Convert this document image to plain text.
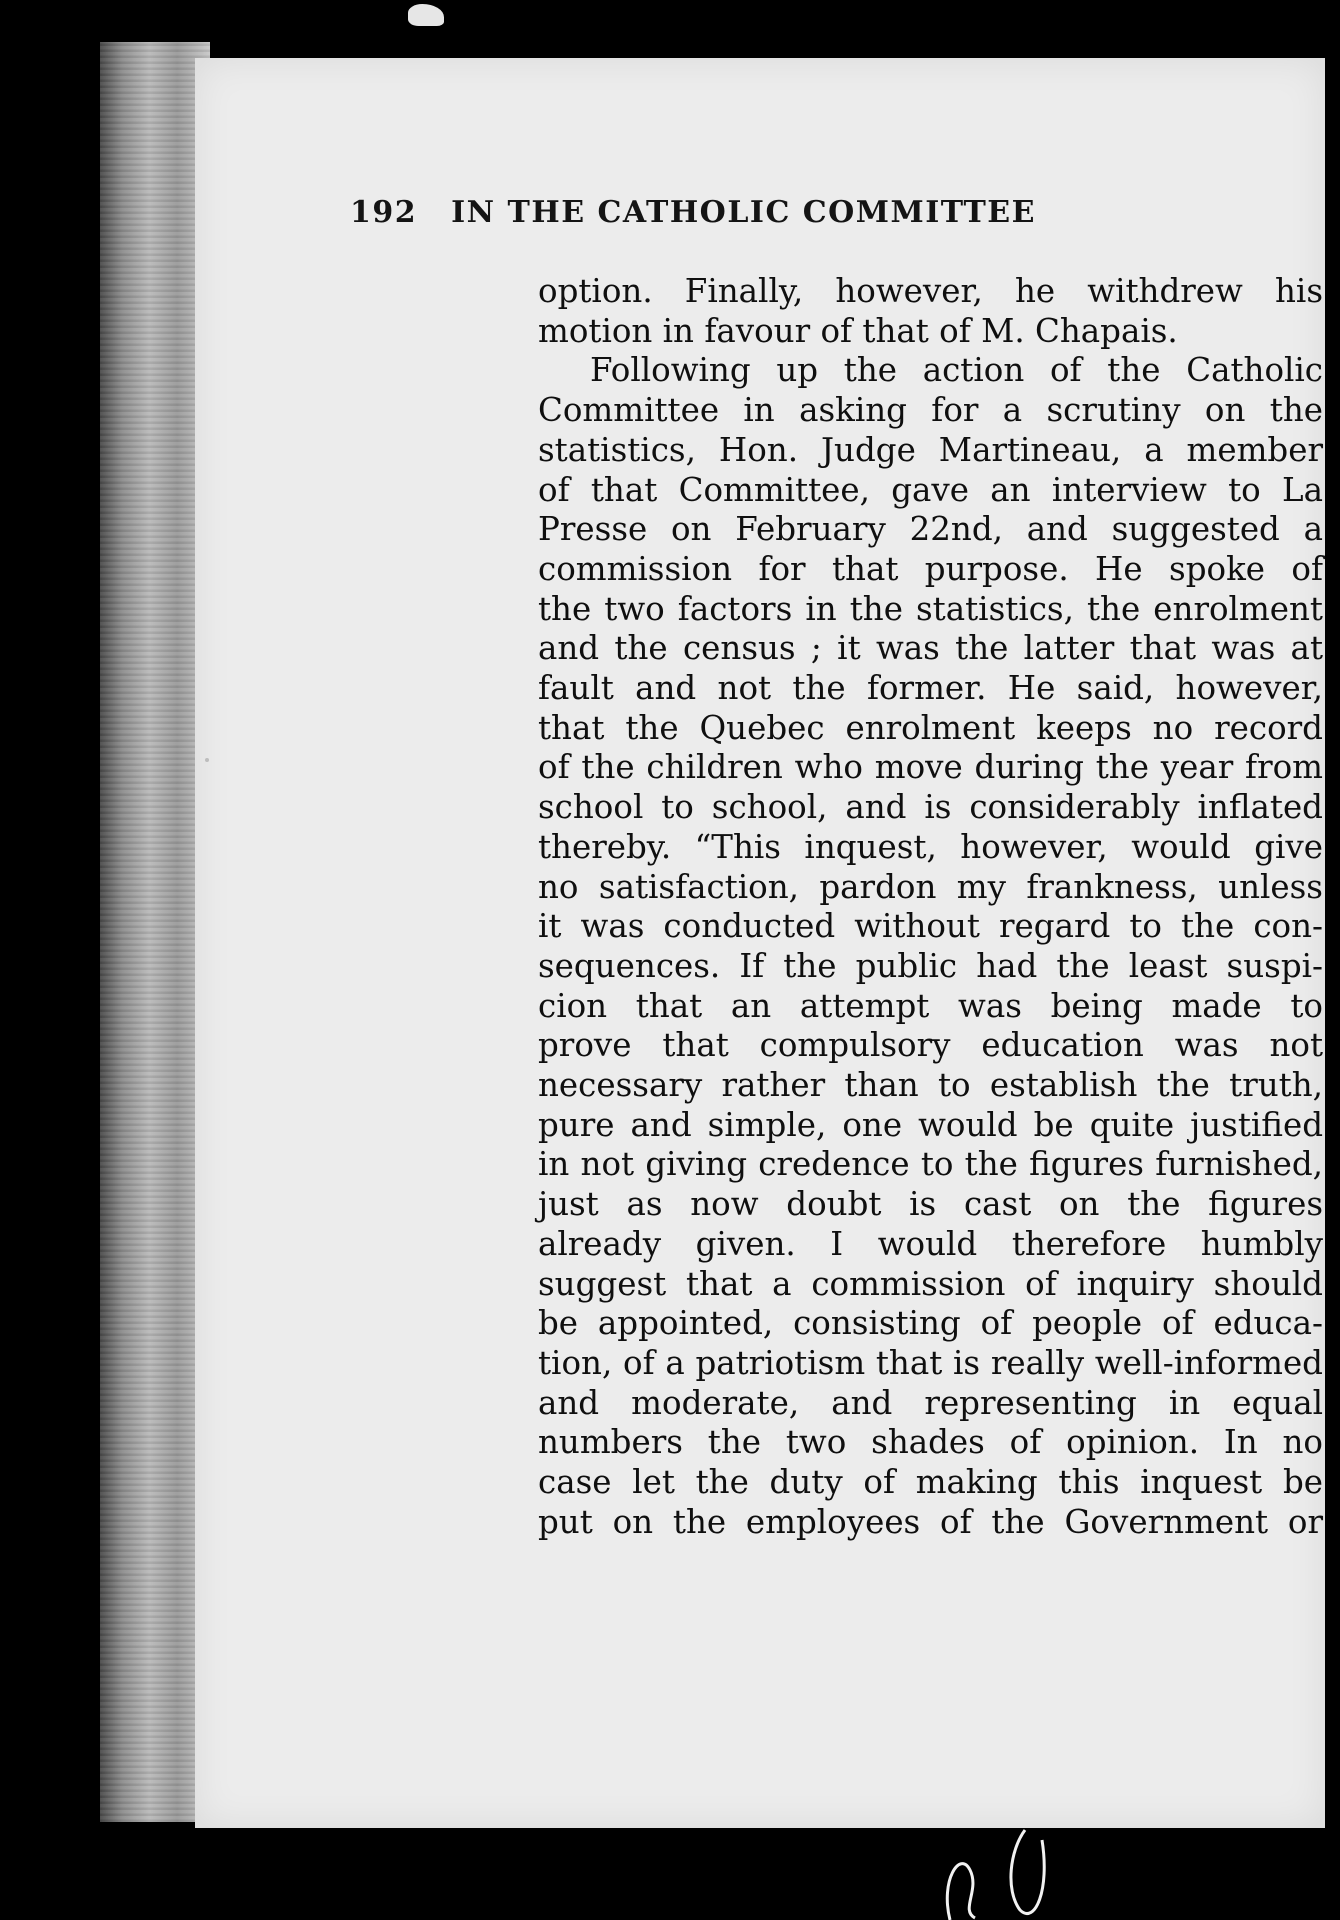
192 IN THE CATHOLIC COMMITTEE
option. Finally, however, he withdrew his
motion in favour of that of M. Chapais.
Following up the action of the Catholic
Committee in asking for a scrutiny on the
statistics, Hon. Judge Martineau, a member
of that Committee, gave an interview to La
Presse on February 22nd, and suggested a
commission for that purpose. He spoke of
the two factors in the statistics, the enrolment
and the census ; it was the latter that was at
fault and not the former. He said, however,
that the Quebec enrolment keeps no record
of the children who move during the year from
school to school, and is considerably inflated
thereby. “This inquest, however, would give
no satisfaction, pardon my frankness, unless
it was conducted without regard to the con-
sequences. If the public had the least suspi-
cion that an attempt was being made to
prove that compulsory education was not
necessary rather than to establish the truth,
pure and simple, one would be quite justified
in not giving credence to the figures furnished,
just as now doubt is cast on the figures
already given. I would therefore humbly
suggest that a commission of inquiry should
be appointed, consisting of people of educa-
tion, of a patriotism that is really well-informed
and moderate, and representing in equal
numbers the two shades of opinion. In no
case let the duty of making this inquest be
put on the employees of the Government or
